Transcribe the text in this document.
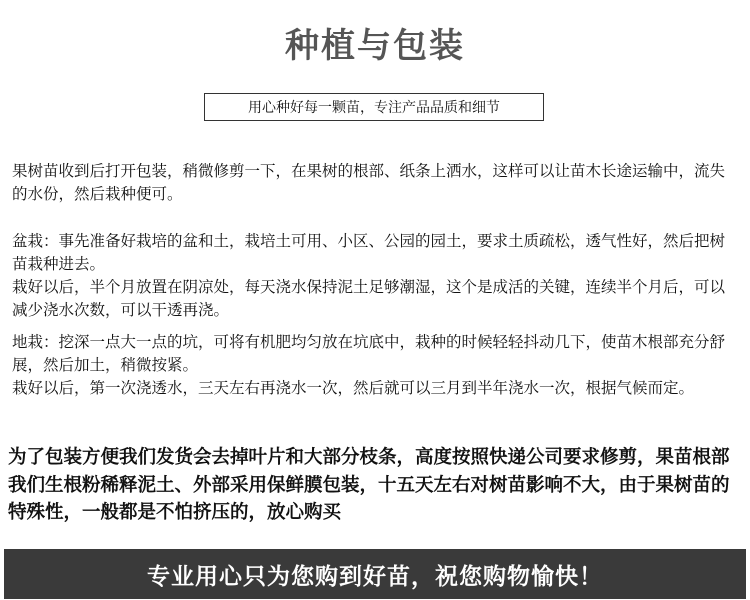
种植与包装
用心种好每一颗苗，专注产品品质和细节
果树苗收到后打开包装，稍微修剪一下，在果树的根部、纸条上洒水，这样可以让苗木长途运输中，流失的水份，然后栽种便可。
盆栽：事先准备好栽培的盆和土，栽培土可用、小区、公园的园土，要求土质疏松，透气性好，然后把树苗栽种进去。
栽好以后，半个月放置在阴凉处，每天浇水保持泥土足够潮湿，这个是成活的关键，连续半个月后，可以减少浇水次数，可以干透再浇。
地栽：挖深一点大一点的坑，可将有机肥均匀放在坑底中，栽种的时候轻轻抖动几下，使苗木根部充分舒展，然后加土，稍微按紧。
栽好以后，第一次浇透水，三天左右再浇水一次，然后就可以三月到半年浇水一次，根据气候而定。
为了包装方便我们发货会去掉叶片和大部分枝条，高度按照快递公司要求修剪，果苗根部我们生根粉稀释泥土、外部采用保鲜膜包装，十五天左右对树苗影响不大，由于果树苗的特殊性，一般都是不怕挤压的，放心购买
专业用心只为您购到好苗，祝您购物愉快！
